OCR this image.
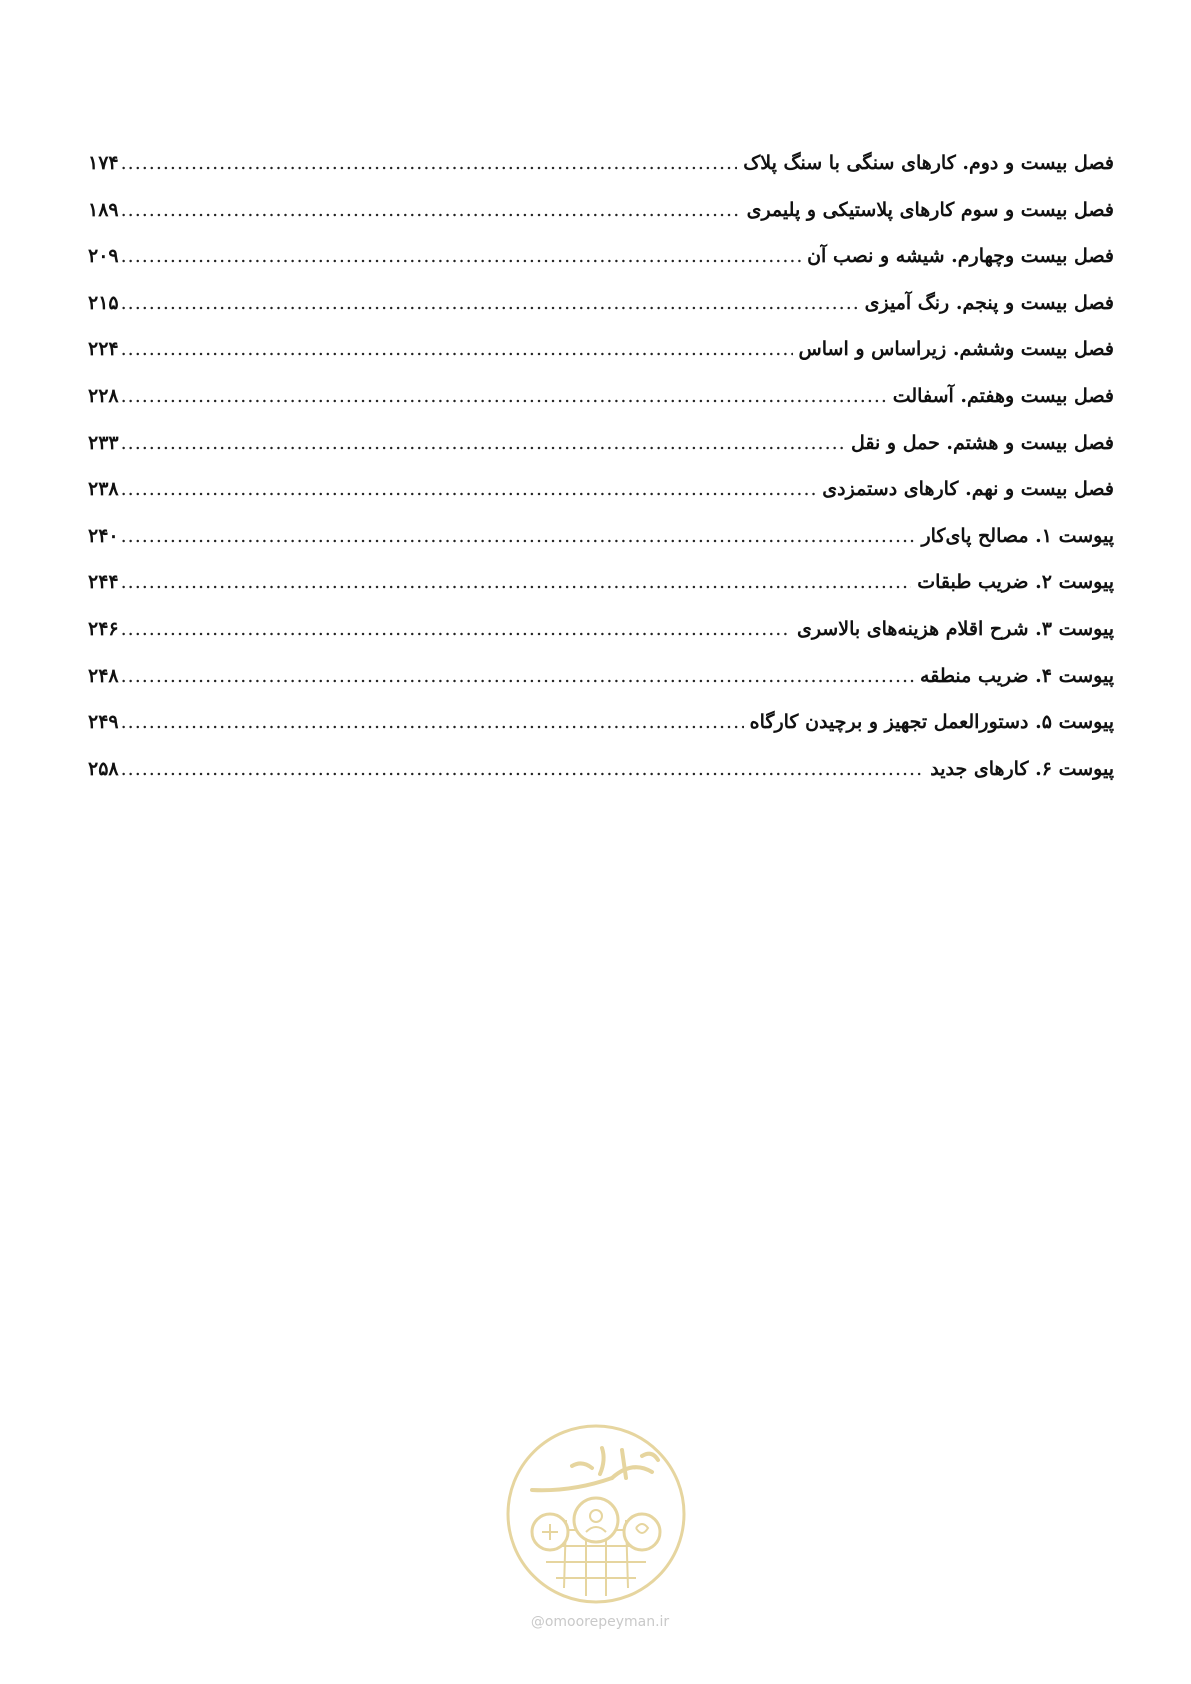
فصل بیست و دوم. کارهای سنگی با سنگ پلاک
.....
۱۷۴
فصل بیست و سوم کارهای پلاستیکی و پلیمری
.....
۱۸۹
فصل بیست وچهارم. شیشه و نصب آن
.....
۲۰۹
فصل بیست و پنجم. رنگ آمیزی
.....
۲۱۵
فصل بیست وششم. زیراساس و اساس
.....
۲۲۴
فصل بیست وهفتم. آسفالت
.....
۲۲۸
فصل بیست و هشتم. حمل و نقل
.....
۲۳۳
فصل بیست و نهم. کارهای دستمزدی
.....
۲۳۸
پیوست ۱. مصالح پای‌کار
.....
۲۴۰
پیوست ۲. ضریب طبقات
.....
۲۴۴
پیوست ۳. شرح اقلام هزینه‌های بالاسری
.....
۲۴۶
پیوست ۴. ضریب منطقه
.....
۲۴۸
پیوست ۵. دستورالعمل تجهیز و برچیدن کارگاه
.....
۲۴۹
پیوست ۶. کارهای جدید
.....
۲۵۸
@omoorepeyman.ir
